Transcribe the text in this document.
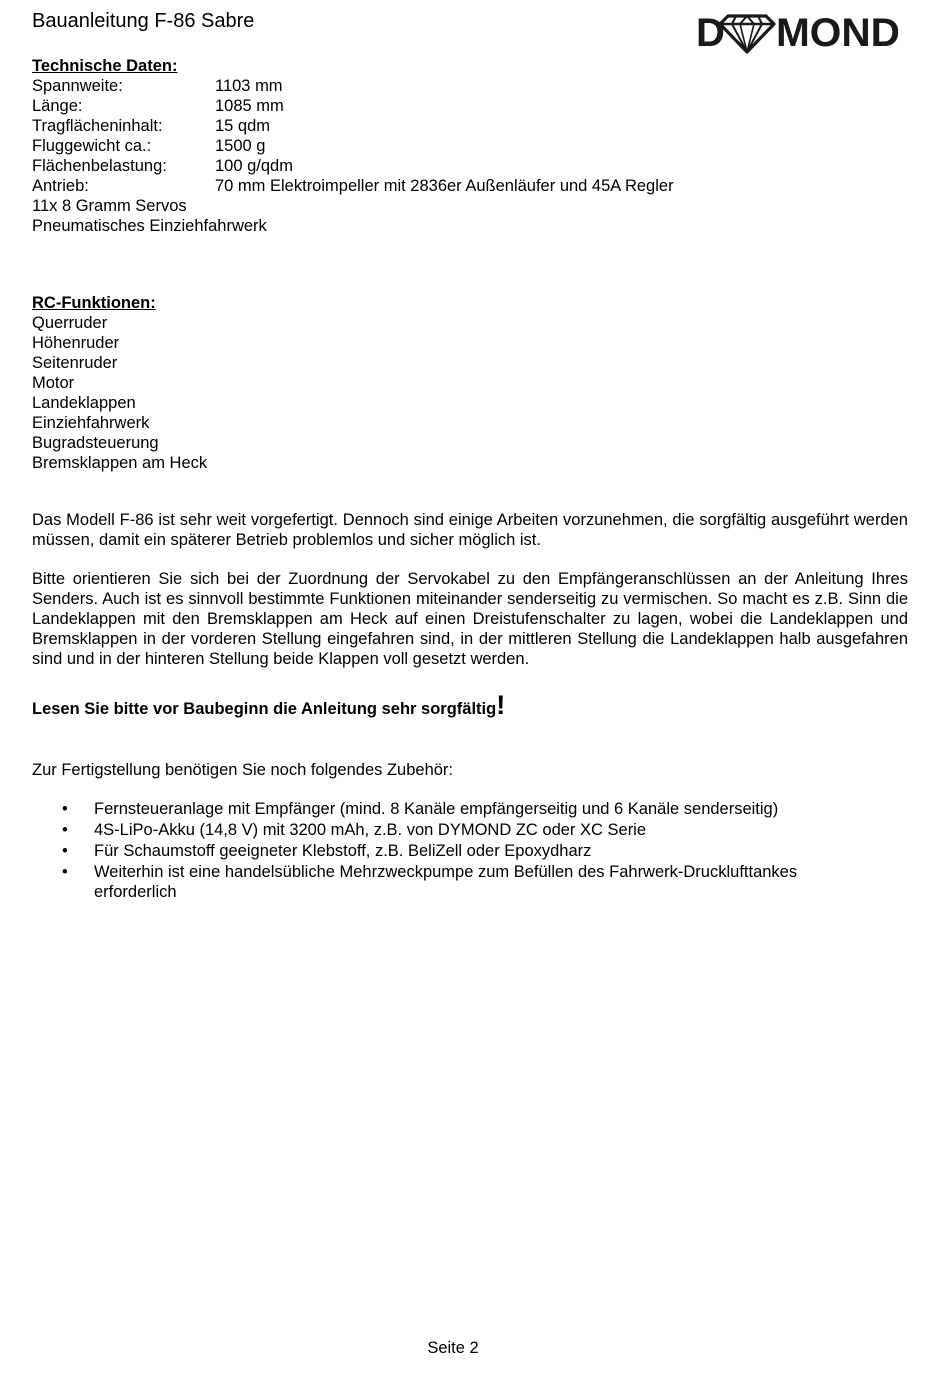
Bauanleitung F-86 Sabre	D MOND
Technische Daten:
Spannweite:	1103 mm
Länge:	1085 mm
Tragflächeninhalt:	15 qdm
Fluggewicht ca.:	1500 g
Flächenbelastung:	100 g/qdm
Antrieb:	70 mm Elektroimpeller mit 2836er Außenläufer und 45A Regler
11x 8 Gramm Servos
Pneumatisches Einziehfahrwerk
RC-Funktionen:
Querruder
Höhenruder
Seitenruder
Motor
Landeklappen
Einziehfahrwerk
Bugradsteuerung
Bremsklappen am Heck

Das Modell F-86 ist sehr weit vorgefertigt. Dennoch sind einige Arbeiten vorzunehmen, die sorgfältig ausgeführt werden müssen, damit ein späterer Betrieb problemlos und sicher möglich ist.

Bitte orientieren Sie sich bei der Zuordnung der Servokabel zu den Empfängeranschlüssen an der Anleitung Ihres Senders. Auch ist es sinnvoll bestimmte Funktionen miteinander senderseitig zu vermischen. So macht es z.B. Sinn die Landeklappen mit den Bremsklappen am Heck auf einen Dreistufenschalter zu lagen, wobei die Landeklappen und Bremsklappen in der vorderen Stellung eingefahren sind, in der mittleren Stellung die Landeklappen halb ausgefahren sind und in der hinteren Stellung beide Klappen voll gesetzt werden.

Lesen Sie bitte vor Baubeginn die Anleitung sehr sorgfältig!
Zur Fertigstellung benötigen Sie noch folgendes Zubehör:
• Fernsteueranlage mit Empfänger (mind. 8 Kanäle empfängerseitig und 6 Kanäle senderseitig)
• 4S-LiPo-Akku (14,8 V) mit 3200 mAh, z.B. von DYMOND ZC oder XC Serie
• Für Schaumstoff geeigneter Klebstoff, z.B. BeliZell oder Epoxydharz
• Weiterhin ist eine handelsübliche Mehrzweckpumpe zum Befüllen des Fahrwerk-Drucklufttankes erforderlich
Seite 2
